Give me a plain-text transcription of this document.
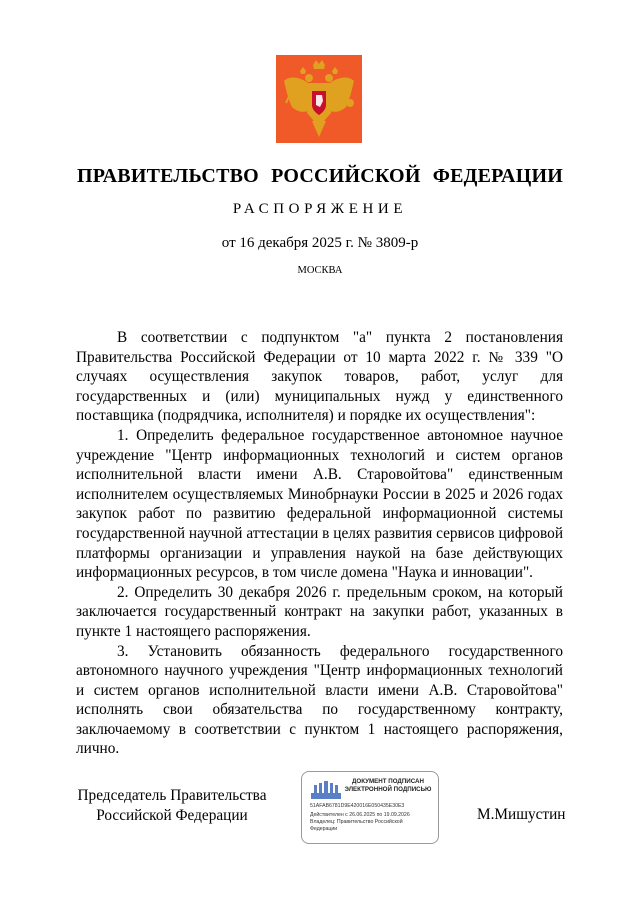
ПРАВИТЕЛЬСТВО РОССИЙСКОЙ ФЕДЕРАЦИИ
РАСПОРЯЖЕНИЕ
от 16 декабря 2025 г. № 3809-р
МОСКВА

В соответствии с подпунктом "а" пункта 2 постановления Правительства Российской Федерации от 10 марта 2022 г. № 339 "О случаях осуществления закупок товаров, работ, услуг для государственных и (или) муниципальных нужд у единственного поставщика (подрядчика, исполнителя) и порядке их осуществления":

1. Определить федеральное государственное автономное научное учреждение "Центр информационных технологий и систем органов исполнительной власти имени А.В. Старовойтова" единственным исполнителем осуществляемых Минобрнауки России в 2025 и 2026 годах закупок работ по развитию федеральной информационной системы государственной научной аттестации в целях развития сервисов цифровой платформы организации и управления наукой на базе действующих информационных ресурсов, в том числе домена "Наука и инновации".

2. Определить 30 декабря 2026 г. предельным сроком, на который заключается государственный контракт на закупки работ, указанных в пункте 1 настоящего распоряжения.

3. Установить обязанность федерального государственного автономного научного учреждения "Центр информационных технологий и систем органов исполнительной власти имени А.В. Старовойтова" исполнять свои обязательства по государственному контракту, заключаемому в соответствии с пунктом 1 настоящего распоряжения, лично.

Председатель Правительства
Российской Федерации
ДОКУМЕНТ ПОДПИСАН
ЭЛЕКТРОННОЙ ПОДПИСЬЮ
51AFAB6781D9E420016E050435E30E3
Действителен с 26.06.2025 по 19.09.2026
Владелец: Правительство Российской
Федерации
М.Мишустин
